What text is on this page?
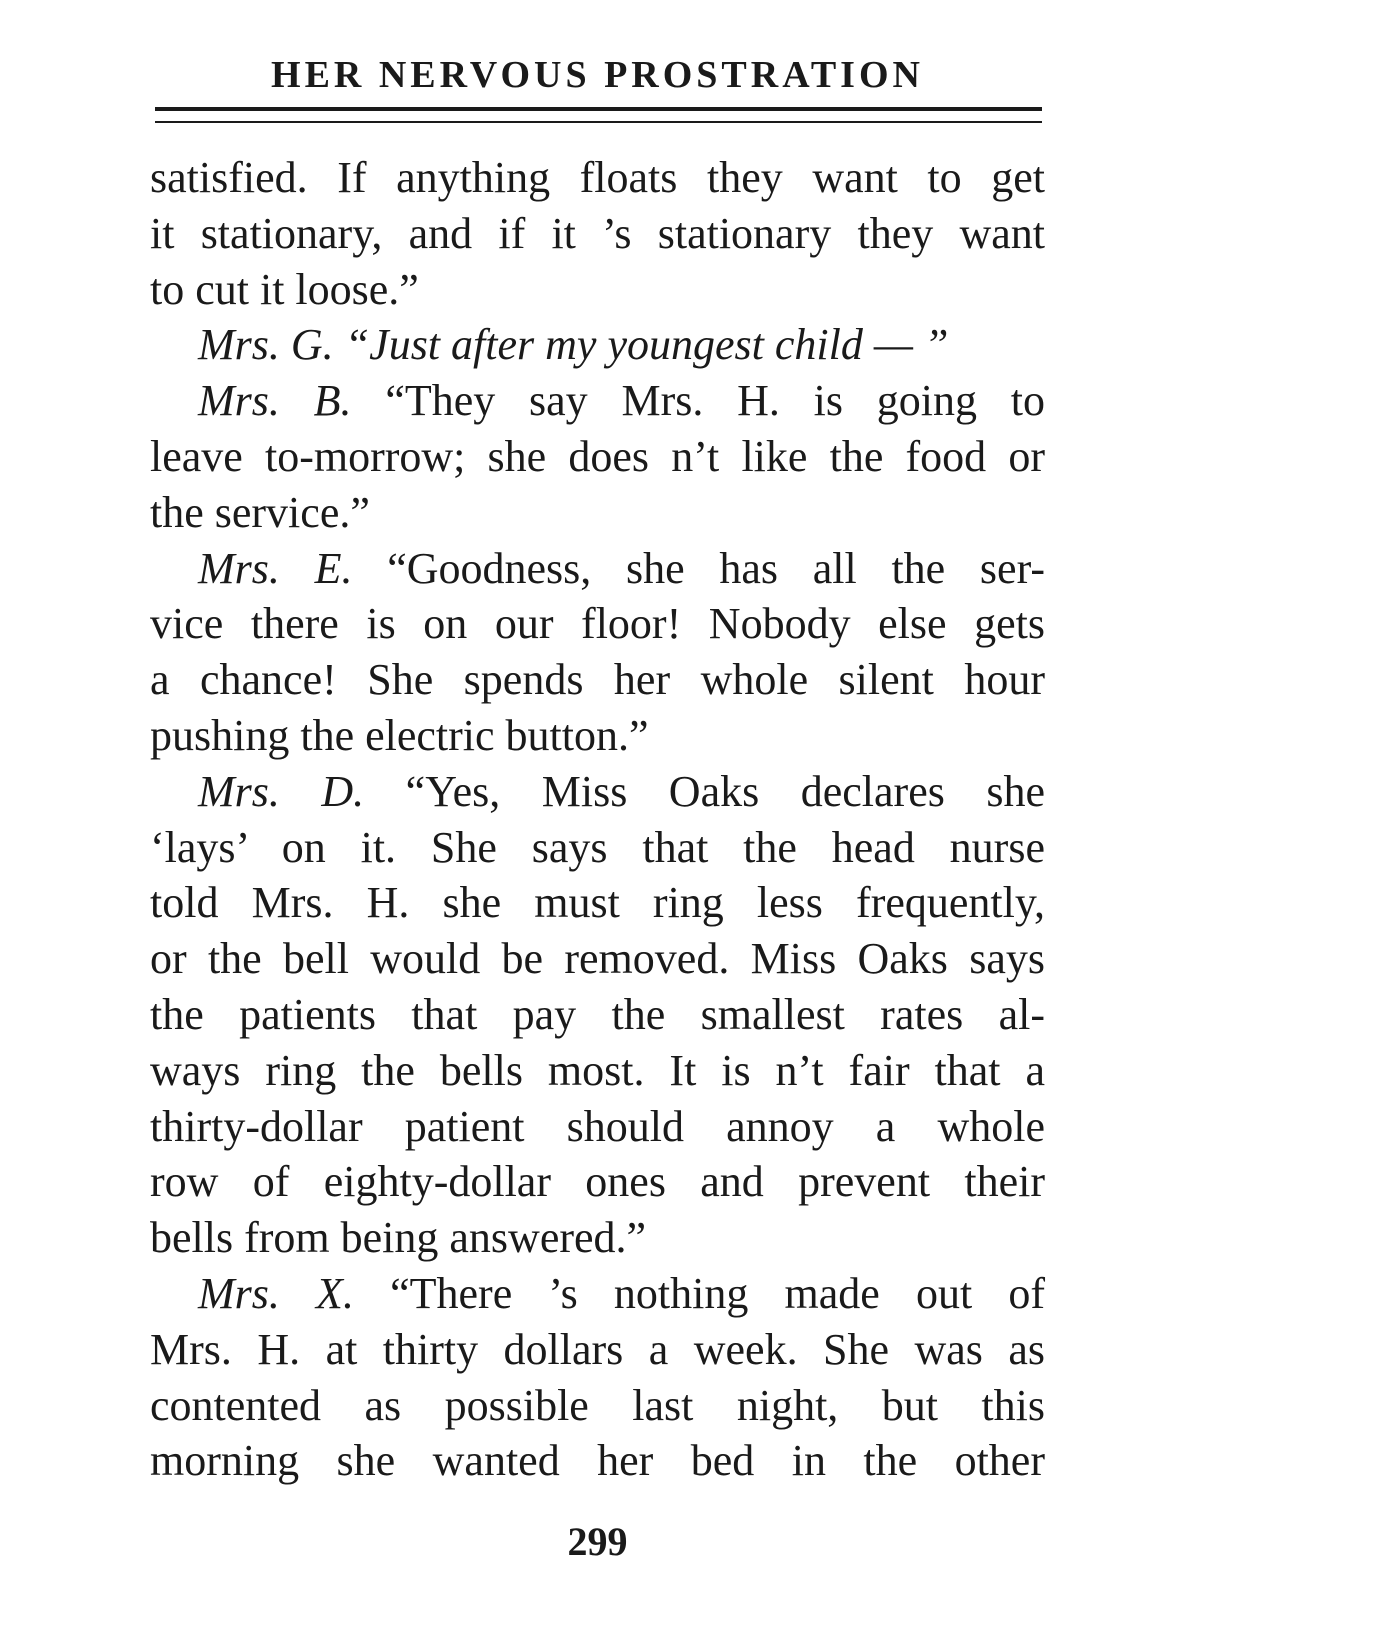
HER NERVOUS PROSTRATION
satisfied. If anything floats they want to get
it stationary, and if it ’s stationary they want
to cut it loose.”
Mrs. G. “Just after my youngest child — ”
Mrs. B. “They say Mrs. H. is going to
leave to-morrow; she does n’t like the food or
the service.”
Mrs. E. “Goodness, she has all the ser-
vice there is on our floor! Nobody else gets
a chance! She spends her whole silent hour
pushing the electric button.”
Mrs. D. “Yes, Miss Oaks declares she
‘lays’ on it. She says that the head nurse
told Mrs. H. she must ring less frequently,
or the bell would be removed. Miss Oaks says
the patients that pay the smallest rates al-
ways ring the bells most. It is n’t fair that a
thirty-dollar patient should annoy a whole
row of eighty-dollar ones and prevent their
bells from being answered.”
Mrs. X. “There ’s nothing made out of
Mrs. H. at thirty dollars a week. She was as
contented as possible last night, but this
morning she wanted her bed in the other
299
